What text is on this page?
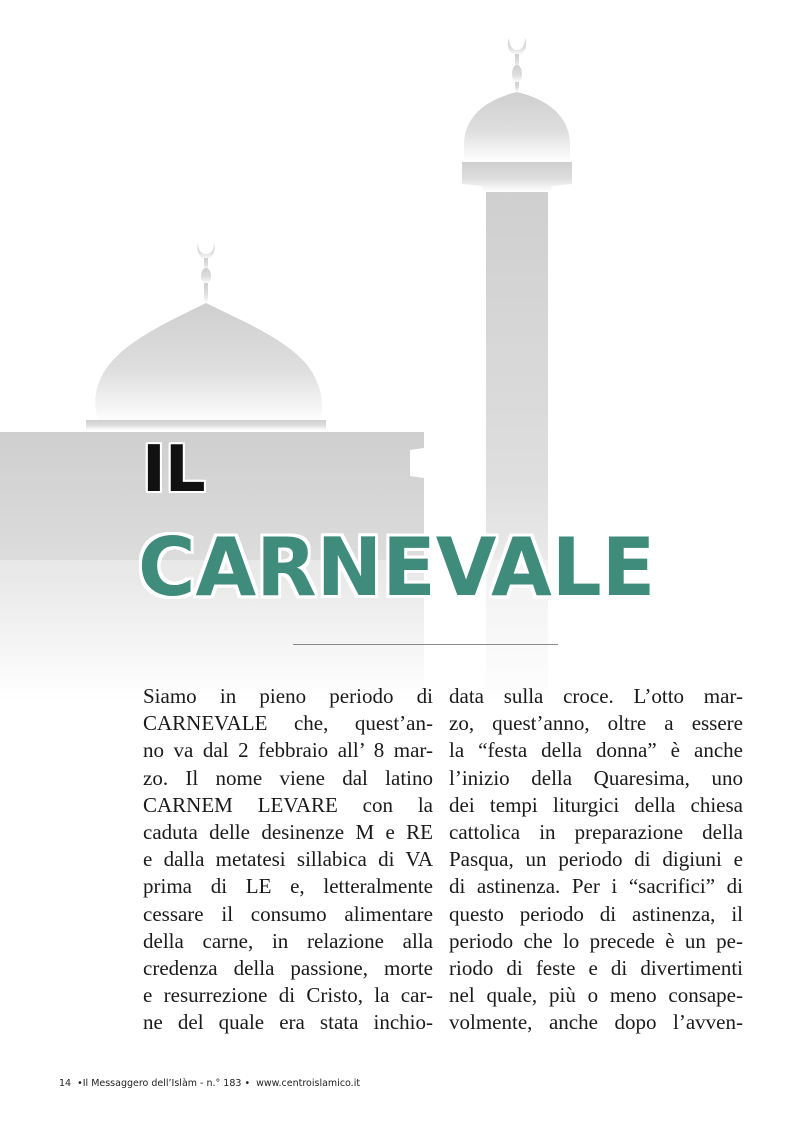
IL
CARNEVALE
Siamo in pieno periodo di
CARNEVALE che, quest’an-
no va dal 2 febbraio all’ 8 mar-
zo. Il nome viene dal latino
CARNEM LEVARE con la
caduta delle desinenze M e RE
e dalla metatesi sillabica di VA
prima di LE e, letteralmente
cessare il consumo alimentare
della carne, in relazione alla
credenza della passione, morte
e resurrezione di Cristo, la car-
ne del quale era stata inchio-
data sulla croce. L’otto mar-
zo, quest’anno, oltre a essere
la “festa della donna” è anche
l’inizio della Quaresima, uno
dei tempi liturgici della chiesa
cattolica in preparazione della
Pasqua, un periodo di digiuni e
di astinenza. Per i “sacrifici” di
questo periodo di astinenza, il
periodo che lo precede è un pe-
riodo di feste e di divertimenti
nel quale, più o meno consape-
volmente, anche dopo l’avven-
14 •Il Messaggero dell’Islàm - n.° 183 • www.centroislamico.it
